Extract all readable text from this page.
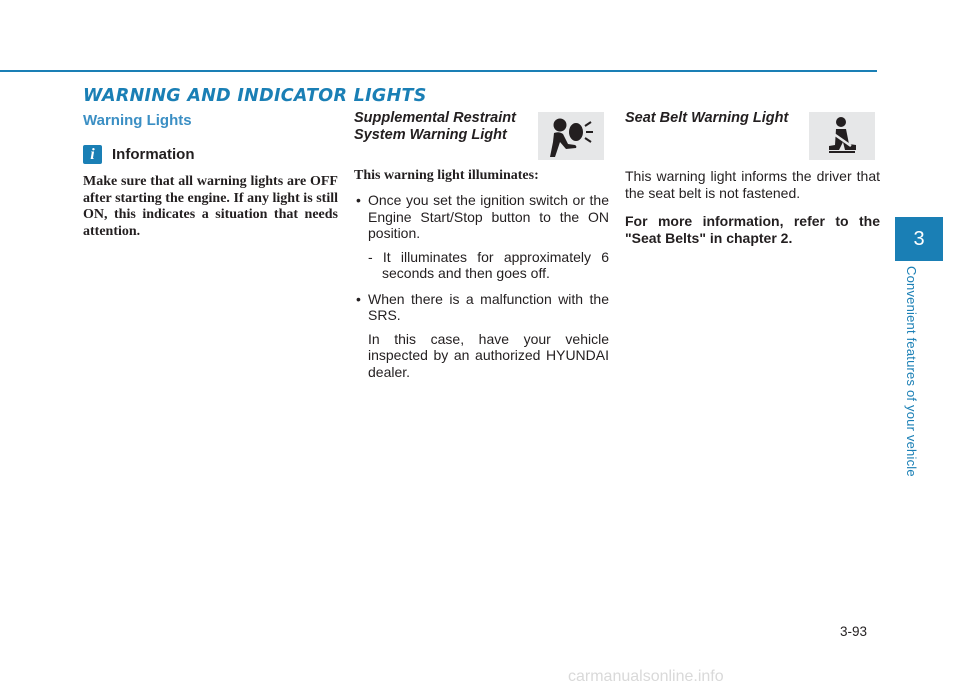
WARNING AND INDICATOR LIGHTS
Warning Lights
i	Information

Make sure that all warning lights are OFF after starting the engine. If any light is still ON, this indicates a situation that needs attention.

Supplemental Restraint System Warning Light

This warning light illuminates:

• Once you set the ignition switch or the Engine Start/Stop button to the ON position.
- It illuminates for approximately 6 seconds and then goes off.
• When there is a malfunction with the SRS.
In this case, have your vehicle inspected by an authorized HYUNDAI dealer.
Seat Belt Warning Light

This warning light informs the driver that the seat belt is not fastened.

For more information, refer to the "Seat Belts" in chapter 2.	3
Convenient features of your vehicle
3-93
carmanualsonline.info
